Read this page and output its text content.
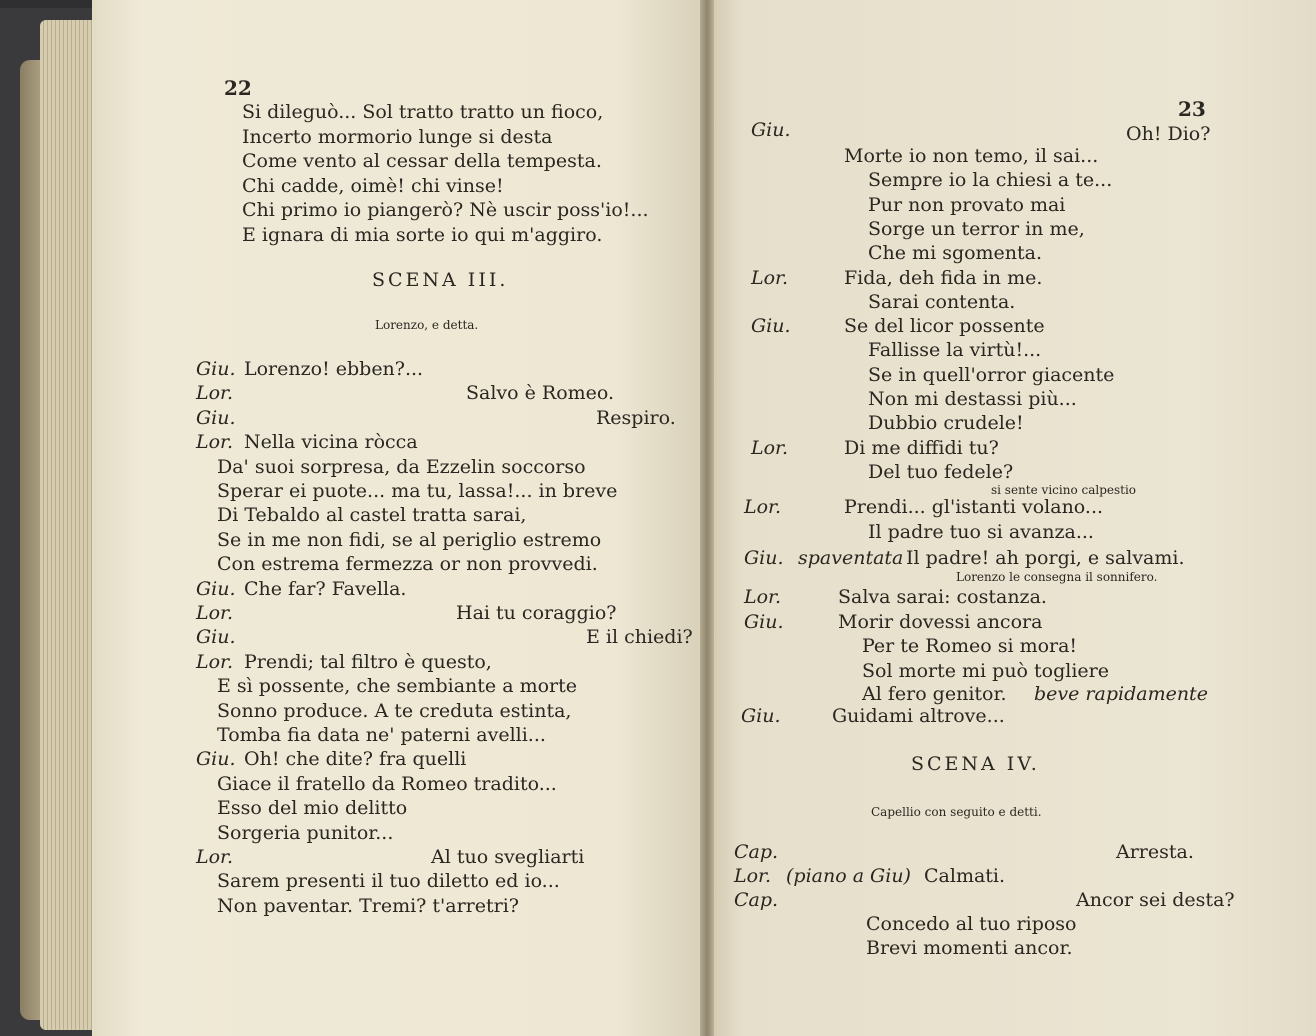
22
Si dileguò... Sol tratto tratto un fioco,
Incerto mormorio lunge si desta
Come vento al cessar della tempesta.
Chi cadde, oimè! chi vinse!
Chi primo io piangerò? Nè uscir poss'io!...
E ignara di mia sorte io qui m'aggiro.
SCENA III.
Lorenzo, e detta.
Giu. Lorenzo! ebben?...
Lor.	Salvo è Romeo.
Giu.	Respiro.
Lor. Nella vicina ròcca
Da' suoi sorpresa, da Ezzelin soccorso
Sperar ei puote... ma tu, lassa!... in breve
Di Tebaldo al castel tratta sarai,
Se in me non fidi, se al periglio estremo
Con estrema fermezza or non provvedi.
Giu. Che far? Favella.
Lor.	Hai tu coraggio?
Giu.	E il chiedi?
Lor. Prendi; tal filtro è questo,
E sì possente, che sembiante a morte
Sonno produce. A te creduta estinta,
Tomba fia data ne' paterni avelli...
Giu. Oh! che dite? fra quelli
Giace il fratello da Romeo tradito...
Esso del mio delitto
Sorgeria punitor...
Lor.	Al tuo svegliarti
Sarem presenti il tuo diletto ed io...
Non paventar. Tremi? t'arretri?
23
Giu.	Oh! Dio?
Morte io non temo, il sai...
Sempre io la chiesi a te...
Pur non provato mai
Sorge un terror in me,
Che mi sgomenta.
Lor.	Fida, deh fida in me.
Sarai contenta.
Giu.	Se del licor possente
Fallisse la virtù!...
Se in quell'orror giacente
Non mi destassi più...
Dubbio crudele!
Lor.	Di me diffidi tu?
Del tuo fedele?
si sente vicino calpestio
Lor.	Prendi... gl'istanti volano...
Il padre tuo si avanza...
Giu. spaventata Il padre! ah porgi, e salvami.
Lorenzo le consegna il sonnifero.
Lor.	Salva sarai: costanza.
Giu.	Morir dovessi ancora
Per te Romeo si mora!
Sol morte mi può togliere
Al fero genitor. beve rapidamente
Giu.	Guidami altrove...
SCENA IV.
Capellio con seguito e detti.
Cap.	Arresta.
Lor. (piano a Giu) Calmati.
Cap.	Ancor sei desta?
Concedo al tuo riposo
Brevi momenti ancor.
